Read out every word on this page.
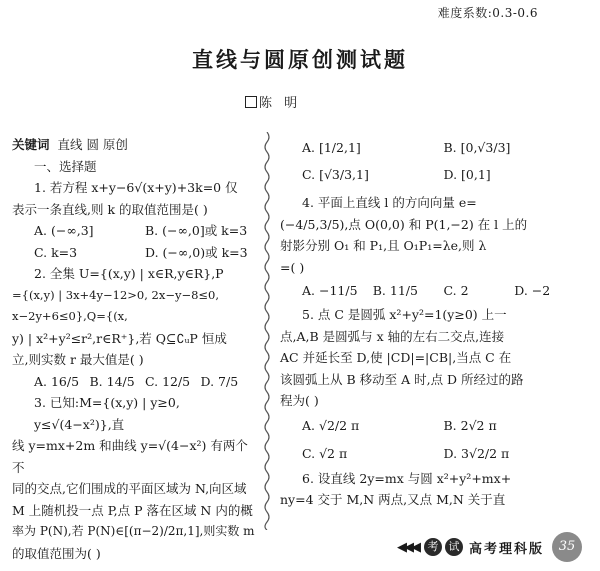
难度系数:0.3-0.6
直线与圆原创测试题
陈 明
关键词 直线 圆 原创
一、选择题
1. 若方程 x+y−6√(x+y)+3k=0 仅
表示一条直线,则 k 的取值范围是( )
A. (−∞,3]	B. (−∞,0]或 k=3
C. k=3	D. (−∞,0)或 k=3
2. 全集 U={(x,y) | x∈R,y∈R},P
={(x,y) | 3x+4y−12>0, 2x−y−8≤0, x−2y+6≤0},Q={(x,
y) | x²+y²≤r²,r∈R⁺},若 Q⊆∁ᵤP 恒成
立,则实数 r 最大值是( )
A. 16/5 B. 14/5 C. 12/5 D. 7/5
3. 已知:M={(x,y) | y≥0, y≤√(4−x²)},直
线 y=mx+2m 和曲线 y=√(4−x²) 有两个不
同的交点,它们围成的平面区域为 N,向区域
M 上随机投一点 P,点 P 落在区域 N 内的概
率为 P(N),若 P(N)∈[(π−2)/2π,1],则实数 m
的取值范围为( )
A. [1/2,1]	B. [0,√3/3]
C. [√3/3,1]	D. [0,1]
4. 平面上直线 l 的方向向量 e=
(−4/5,3/5),点 O(0,0) 和 P(1,−2) 在 l 上的
射影分别 O₁ 和 P₁,且 O₁P₁=λe,则 λ
=( )
A. −11/5	B. 11/5	C. 2	D. −2
5. 点 C 是圆弧 x²+y²=1(y≥0) 上一
点,A,B 是圆弧与 x 轴的左右二交点,连接
AC 并延长至 D,使 |CD|=|CB|,当点 C 在
该圆弧上从 B 移动至 A 时,点 D 所经过的路
程为( )
A. √2/2 π	B. 2√2 π
C. √2 π	D. 3√2/2 π
6. 设直线 2y=mx 与圆 x²+y²+mx+
ny=4 交于 M,N 两点,又点 M,N 关于直
◀◀◀ 考 试 高考理科版	35
